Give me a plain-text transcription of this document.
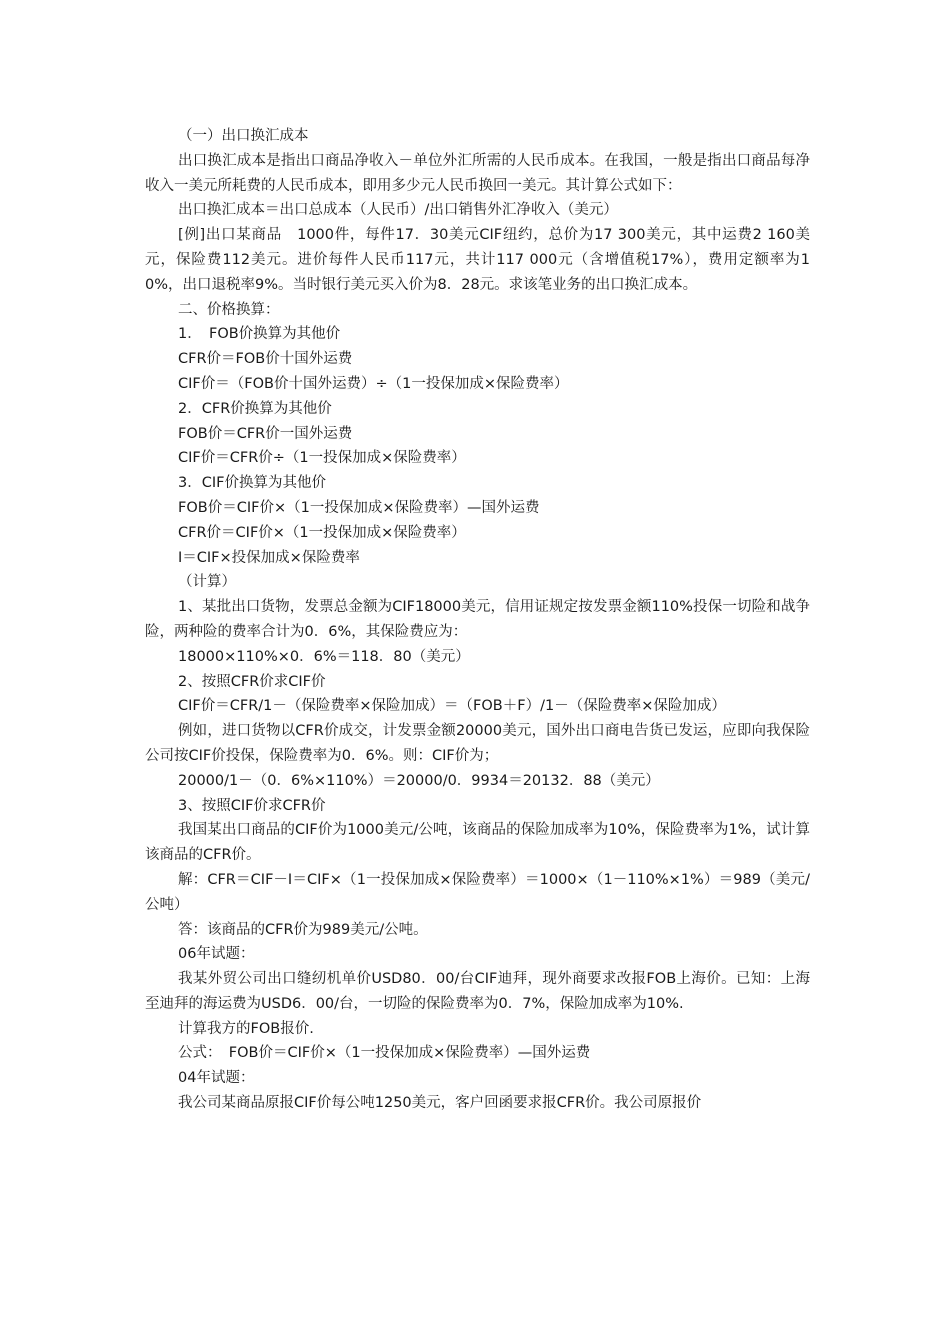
（一）出口换汇成本

出口换汇成本是指出口商品净收入－单位外汇所需的人民币成本。在我国，一般是指出口商品每净收入一美元所耗费的人民币成本，即用多少元人民币换回一美元。其计算公式如下：

出口换汇成本＝出口总成本（人民币）/出口销售外汇净收入（美元）

[例]出口某商品　1000件，每件17．30美元CIF纽约，总价为17 300美元，其中运费2 160美元，保险费112美元。进价每件人民币117元，共计117 000元（含增值税17%），费用定额率为10%，出口退税率9%。当时银行美元买入价为8．28元。求该笔业务的出口换汇成本。

二、价格换算：

1．　FOB价换算为其他价

CFR价＝FOB价十国外运费

CIF价＝（FOB价十国外运费）÷（1一投保加成×保险费率）

2．CFR价换算为其他价

FOB价＝CFR价一国外运费

CIF价＝CFR价÷（1一投保加成×保险费率）

3．CIF价换算为其他价

FOB价＝CIF价×（1一投保加成×保险费率）—国外运费

CFR价＝CIF价×（1一投保加成×保险费率）

I＝CIF×投保加成×保险费率

（计算）

1、某批出口货物，发票总金额为CIF18000美元，信用证规定按发票金额110%投保一切险和战争险，两种险的费率合计为0．6%，其保险费应为：

18000×110%×0．6%＝118．80（美元）

2、按照CFR价求CIF价

CIF价＝CFR/1－（保险费率×保险加成）＝（FOB＋F）/1－（保险费率×保险加成）

例如，进口货物以CFR价成交，计发票金额20000美元，国外出口商电告货已发运，应即向我保险公司按CIF价投保，保险费率为0．6%。则：CIF价为；

20000/1－（0．6%×110%）＝20000/0．9934＝20132．88（美元）

3、按照CIF价求CFR价

我国某出口商品的CIF价为1000美元/公吨，该商品的保险加成率为10%，保险费率为1%，试计算该商品的CFR价。

解：CFR＝CIF－I＝CIF×（1一投保加成×保险费率）＝1000×（1－110%×1%）＝989（美元/公吨）

答：该商品的CFR价为989美元/公吨。

06年试题：

我某外贸公司出口缝纫机单价USD80．00/台CIF迪拜，现外商要求改报FOB上海价。已知：上海至迪拜的海运费为USD6．00/台，一切险的保险费率为0．7%，保险加成率为10%.

计算我方的FOB报价.

公式：　FOB价＝CIF价×（1一投保加成×保险费率）—国外运费

04年试题：

我公司某商品原报CIF价每公吨1250美元，客户回函要求报CFR价。我公司原报价
